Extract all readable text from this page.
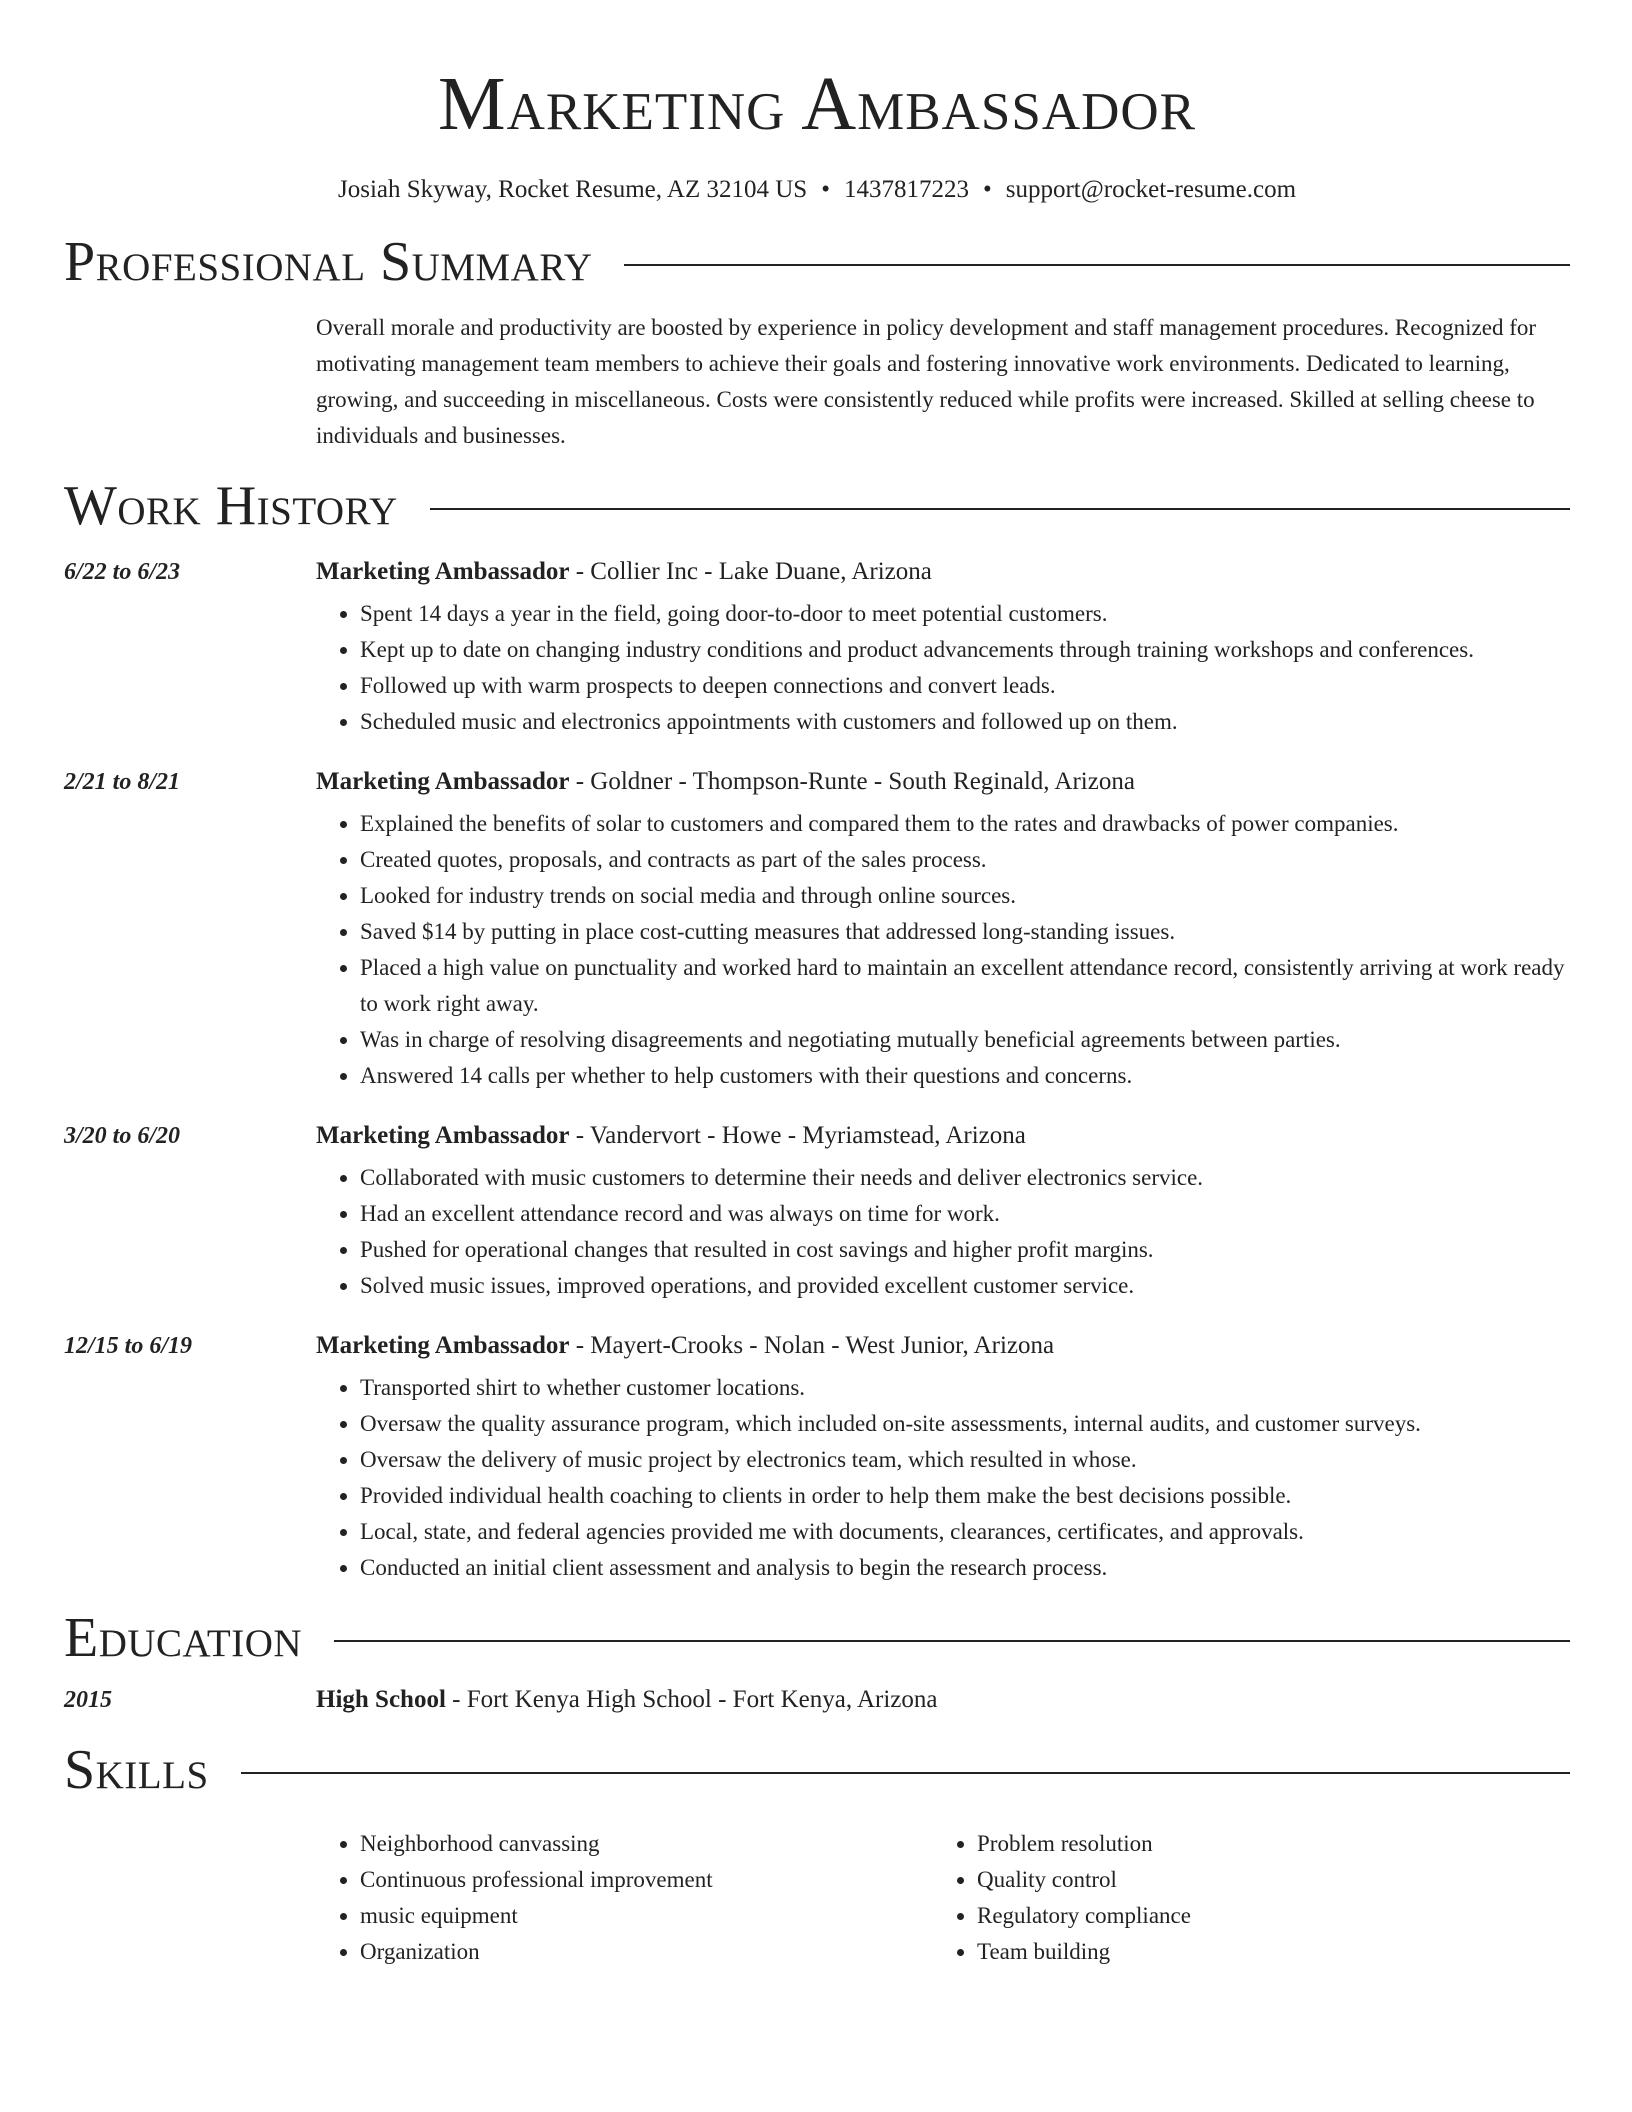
Marketing Ambassador
Josiah Skyway, Rocket Resume, AZ 32104 US • 1437817223 • support@rocket-resume.com
Professional Summary
Overall morale and productivity are boosted by experience in policy development and staff management procedures. Recognized for motivating management team members to achieve their goals and fostering innovative work environments. Dedicated to learning, growing, and succeeding in miscellaneous. Costs were consistently reduced while profits were increased. Skilled at selling cheese to individuals and businesses.
Work History
6/22 to 6/23	Marketing Ambassador - Collier Inc - Lake Duane, Arizona
• Spent 14 days a year in the field, going door-to-door to meet potential customers.
• Kept up to date on changing industry conditions and product advancements through training workshops and conferences.
• Followed up with warm prospects to deepen connections and convert leads.
• Scheduled music and electronics appointments with customers and followed up on them.
2/21 to 8/21	Marketing Ambassador - Goldner - Thompson-Runte - South Reginald, Arizona
• Explained the benefits of solar to customers and compared them to the rates and drawbacks of power companies.
• Created quotes, proposals, and contracts as part of the sales process.
• Looked for industry trends on social media and through online sources.
• Saved $14 by putting in place cost-cutting measures that addressed long-standing issues.
• Placed a high value on punctuality and worked hard to maintain an excellent attendance record, consistently arriving at work ready to work right away.
• Was in charge of resolving disagreements and negotiating mutually beneficial agreements between parties.
• Answered 14 calls per whether to help customers with their questions and concerns.
3/20 to 6/20	Marketing Ambassador - Vandervort - Howe - Myriamstead, Arizona
• Collaborated with music customers to determine their needs and deliver electronics service.
• Had an excellent attendance record and was always on time for work.
• Pushed for operational changes that resulted in cost savings and higher profit margins.
• Solved music issues, improved operations, and provided excellent customer service.
12/15 to 6/19	Marketing Ambassador - Mayert-Crooks - Nolan - West Junior, Arizona
• Transported shirt to whether customer locations.
• Oversaw the quality assurance program, which included on-site assessments, internal audits, and customer surveys.
• Oversaw the delivery of music project by electronics team, which resulted in whose.
• Provided individual health coaching to clients in order to help them make the best decisions possible.
• Local, state, and federal agencies provided me with documents, clearances, certificates, and approvals.
• Conducted an initial client assessment and analysis to begin the research process.
Education
2015	High School - Fort Kenya High School - Fort Kenya, Arizona
Skills
• Neighborhood canvassing
• Continuous professional improvement
• music equipment
• Organization
• Problem resolution
• Quality control
• Regulatory compliance
• Team building
